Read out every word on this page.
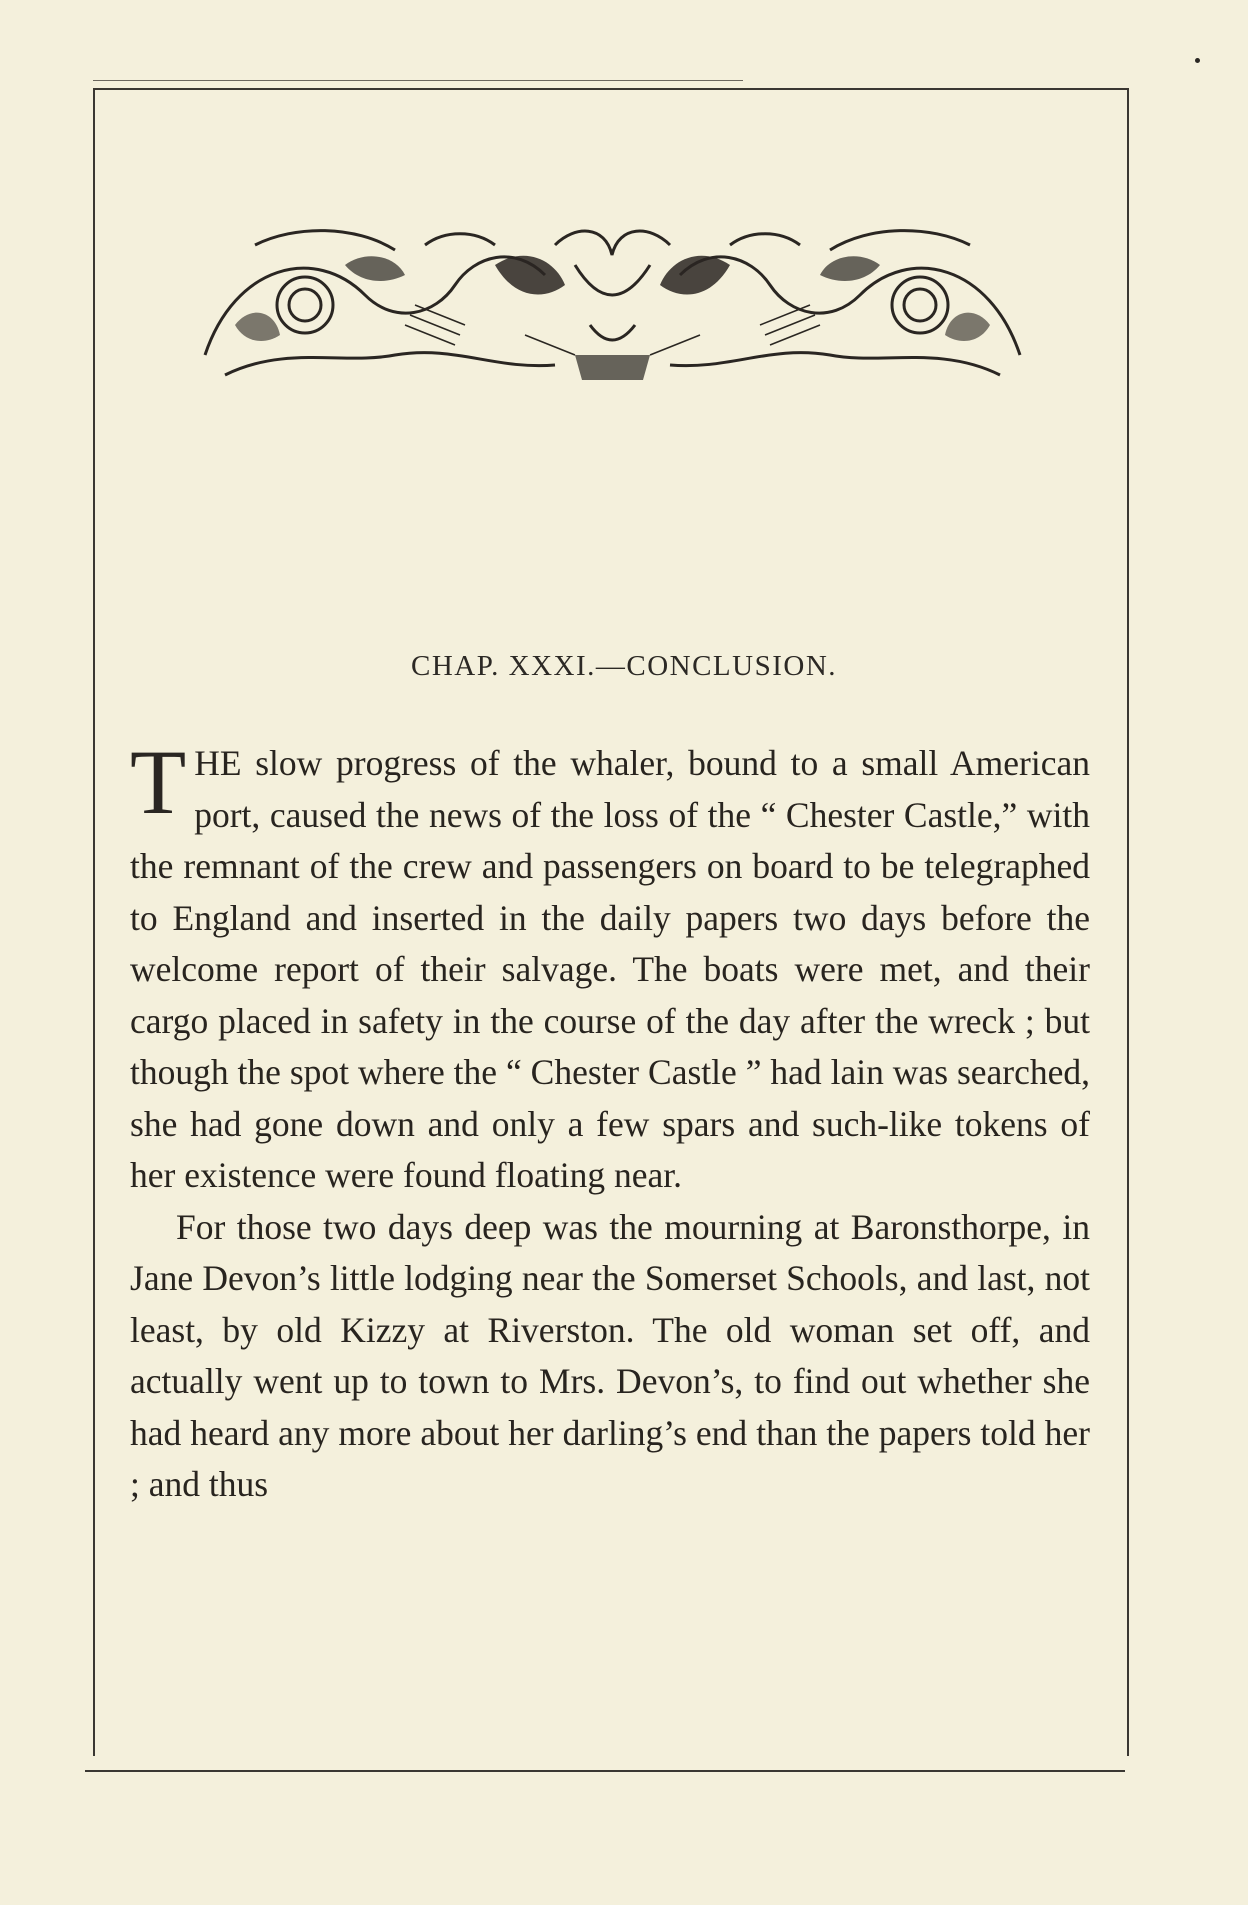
CHAP. XXXI.—CONCLUSION.

THE slow progress of the whaler, bound to a small American port, caused the news of the loss of the “ Chester Castle,” with the remnant of the crew and passengers on board to be telegraphed to England and inserted in the daily papers two days before the welcome report of their salvage. The boats were met, and their cargo placed in safety in the course of the day after the wreck ; but though the spot where the “ Chester Castle ” had lain was searched, she had gone down and only a few spars and such-like tokens of her existence were found floating near.

For those two days deep was the mourning at Baronsthorpe, in Jane Devon’s little lodging near the Somerset Schools, and last, not least, by old Kizzy at Riverston. The old woman set off, and actually went up to town to Mrs. Devon’s, to find out whether she had heard any more about her darling’s end than the papers told her ; and thus
